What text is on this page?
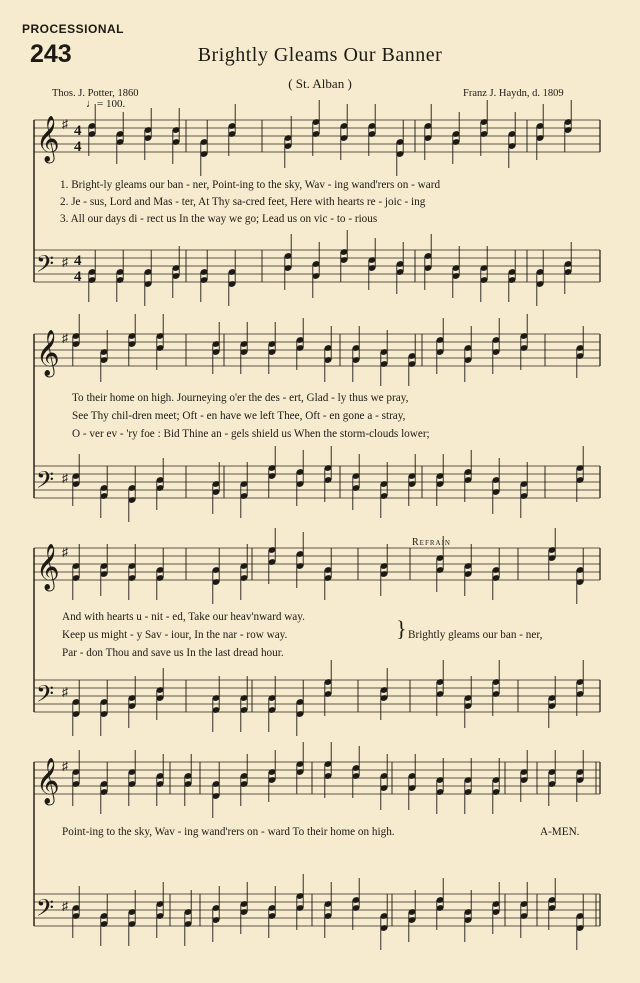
PROCESSIONAL
243	Brightly Gleams Our Banner
( St. Alban )
Thos. J. Potter, 1860	Franz J. Haydn, d. 1809
♩= 100.
𝄞 ♯ 4
4
𝄢 ♯ 4
4
𝄞 ♯
𝄢 ♯
𝄞 ♯
𝄢 ♯
𝄞 ♯
𝄢 ♯
1. Bright-ly gleams our ban - ner, Point-ing to the sky, Wav - ing wand'rers on - ward
2. Je - sus, Lord and Mas - ter, At Thy sa-cred feet, Here with hearts re - joic - ing
3. All our days di - rect us In the way we go; Lead us on vic - to - rious
To their home on high. Journeying o'er the des - ert, Glad - ly thus we pray,
See Thy chil-dren meet; Oft - en have we left Thee, Oft - en gone a - stray,
O - ver ev - 'ry foe : Bid Thine an - gels shield us When the storm-clouds lower;
Refrain
And with hearts u - nit - ed, Take our heav'nward way.
Keep us might - y Sav - iour, In the nar - row way.
Par - don Thou and save us In the last dread hour.
} Brightly gleams our ban - ner,
Point-ing to the sky, Wav - ing wand'rers on - ward To their home on high.	A-MEN.
